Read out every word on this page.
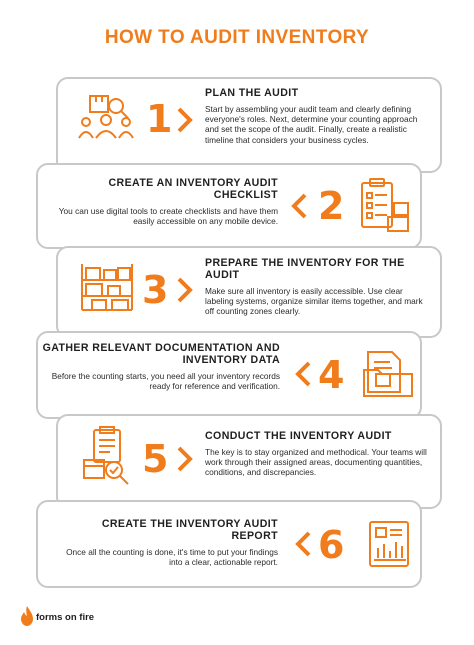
HOW TO AUDIT INVENTORY
1
PLAN THE AUDIT

Start by assembling your audit team and clearly defining everyone's roles. Next, determine your counting approach and set the scope of the audit. Finally, create a realistic timeline that considers your business cycles.

CREATE AN INVENTORY AUDIT CHECKLIST

You can use digital tools to create checklists and have them easily accessible on any mobile device. 2
3
PREPARE THE INVENTORY FOR THE AUDIT

Make sure all inventory is easily accessible. Use clear labeling systems, organize similar items together, and mark off counting zones clearly.

GATHER RELEVANT DOCUMENTATION AND INVENTORY DATA

Before the counting starts, you need all your inventory records ready for reference and verification. 4
5
CONDUCT THE INVENTORY AUDIT

The key is to stay organized and methodical. Your teams will work through their assigned areas, documenting quantities, conditions, and discrepancies.

CREATE THE INVENTORY AUDIT REPORT

Once all the counting is done, it's time to put your findings into a clear, actionable report. 6
forms on fire
